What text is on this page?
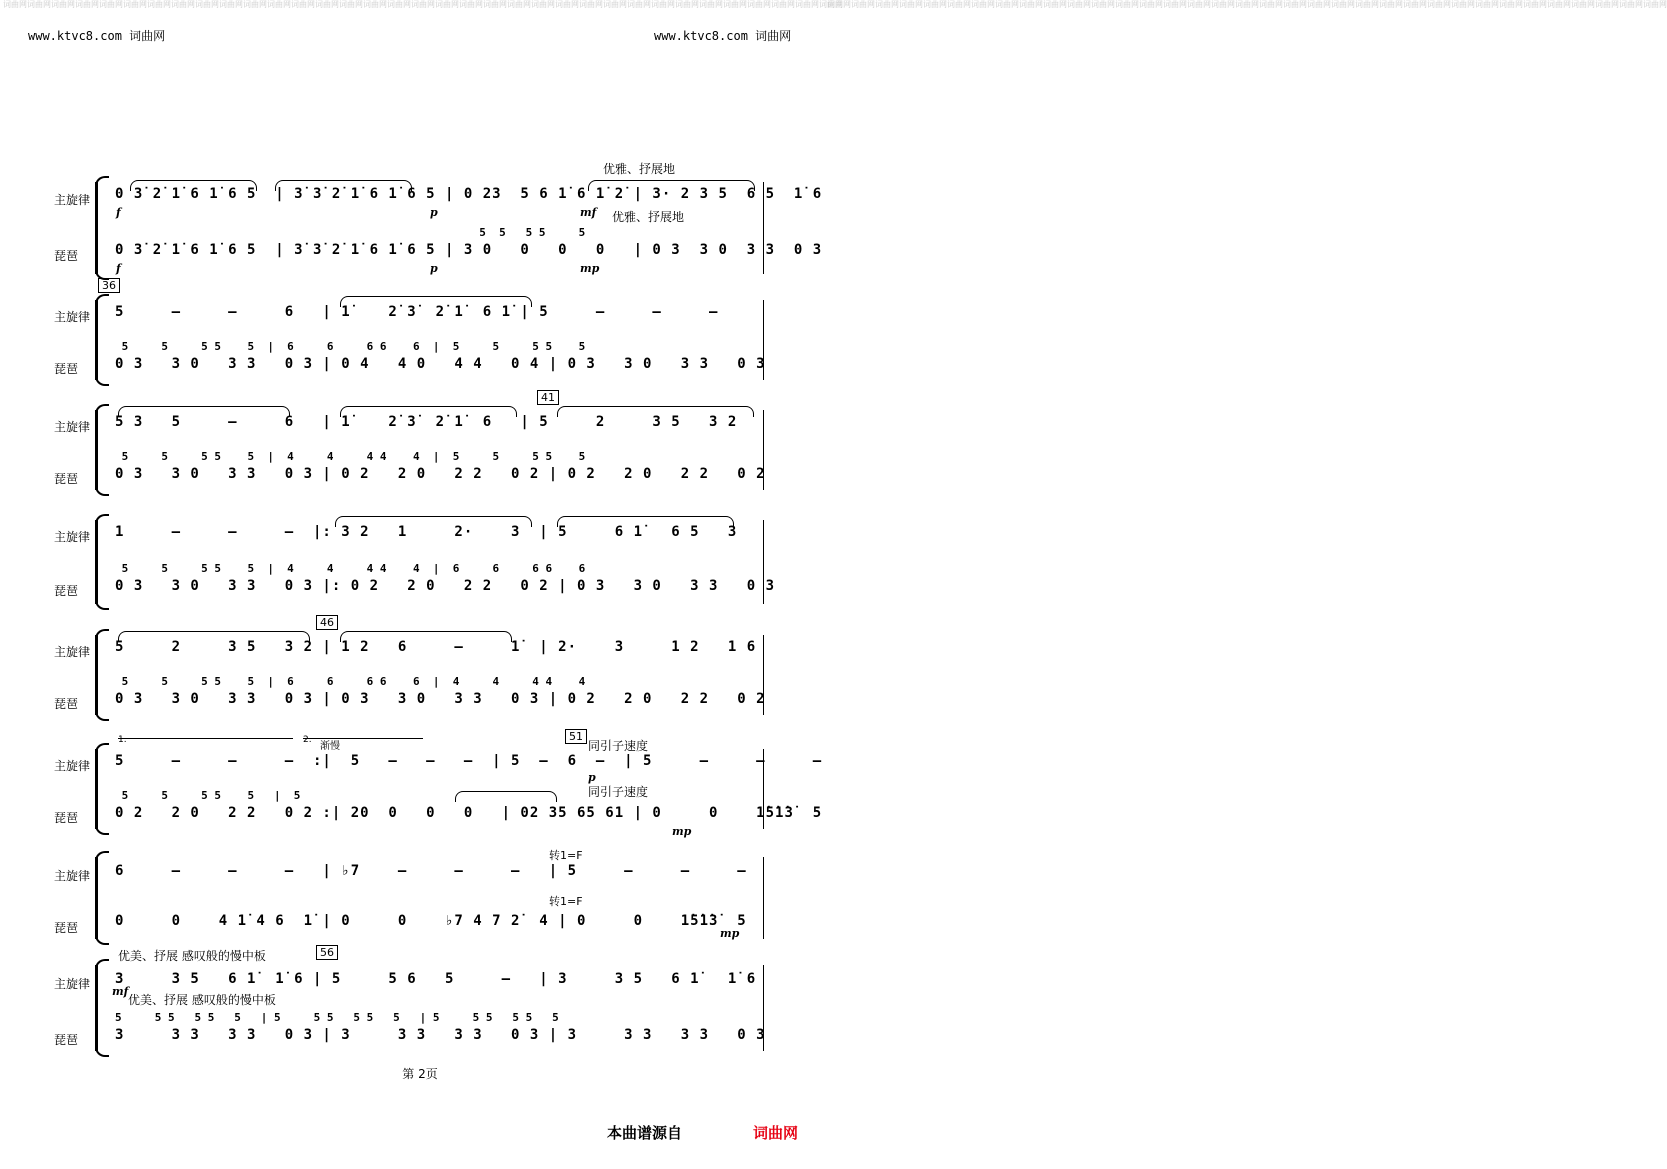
词曲网词曲网词曲网词曲网词曲网词曲网词曲网词曲网词曲网词曲网词曲网词曲网词曲网词曲网词曲网词曲网词曲网词曲网词曲网词曲网词曲网词曲网词曲网词曲网词曲网词曲网词曲网词曲网词曲网词曲网词曲网词曲网词曲网词曲网词曲网
词曲网词曲网词曲网词曲网词曲网词曲网词曲网词曲网词曲网词曲网词曲网词曲网词曲网词曲网词曲网词曲网词曲网词曲网词曲网词曲网词曲网词曲网词曲网词曲网词曲网词曲网词曲网词曲网词曲网词曲网词曲网词曲网词曲网词曲网词曲网
www.ktvc8.com 词曲网	www.ktvc8.com 词曲网
优雅、抒展地
主旋律
琵琶
0 3̇ 2̇ 1̇ 6 1̇ 6 5  | 3̇ 3̇ 2̇ 1̇ 6 1̇ 6 5 | 0 23  5 6 1̇ 6 1̇ 2̇ | 3· 2 3 5  6 5  1̇ 6
优雅、抒展地
5  5   5 5     5
0 3̇ 2̇ 1̇ 6 1̇ 6 5  | 3̇ 3̇ 2̇ 1̇ 6 1̇ 6 5 | 3 0   0   0   0   | 0 3  3 0  3 3  0 3
f	p	mf
f	p	mp
36
主旋律
琵琶
5     –     –     6   | 1̇    2̇ 3̇  2̇ 1̇  6 1̇ | 5     –     –     –
5     5     5 5    5  |  6     6     6 6    6  |  5     5     5 5    5
0 3   3 0   3 3   0 3 | 0 4   4 0   4 4   0 4 | 0 3   3 0   3 3   0 3
41
主旋律
琵琶
5 3   5     –     6   | 1̇    2̇ 3̇  2̇ 1̇  6   | 5     2     3 5   3 2
5     5     5 5    5  |  4     4     4 4    4  |  5     5     5 5    5
0 3   3 0   3 3   0 3 | 0 2   2 0   2 2   0 2 | 0 2   2 0   2 2   0 2
主旋律
琵琶
1     –     –     –  |: 3 2   1     2·    3  | 5     6 1̇   6 5   3
5     5     5 5    5  |  4     4     4 4    4  |  6     6     6 6    6
0 3   3 0   3 3   0 3 |: 0 2   2 0   2 2   0 2 | 0 3   3 0   3 3   0 3
46
主旋律
琵琶
5     2     3 5   3 2 | 1 2   6     –     1̇  | 2·    3     1 2   1 6
5     5     5 5    5  |  6     6     6 6    6  |  4     4     4 4    4
0 3   3 0   3 3   0 3 | 0 3   3 0   3 3   0 3 | 0 2   2 0   2 2   0 2
1.	2.
渐慢
51
同引子速度
主旋律
琵琶
5     –     –     –  :|  5   –   –   –  | 5  –  6  –  | 5     –     –     –
同引子速度
5     5     5 5    5   |  5
0 2   2 0   2 2   0 2 :| 20  0   0   0   | 02 35 65 61 | 0     0    1̇5̇1̇3̇  5
p
mp
转1=F
主旋律
琵琶
6     –     –     –   | ♭7    –     –     –   | 5     –     –     –
转1=F
0     0    4 1̇ 4 6  1̇ | 0     0    ♭7 4 7 2̇  4 | 0     0    1̇5̇1̇3̇  5
mp
优美、抒展 感叹般的慢中板	56
主旋律
琵琶
3     3 5   6 1̇  1̇ 6 | 5     5 6   5     –   | 3     3 5   6 1̇   1̇ 6
mf
优美、抒展 感叹般的慢中板
5     5 5   5 5   5   | 5     5 5   5 5   5   | 5     5 5   5 5   5
3     3 3   3 3   0 3 | 3     3 3   3 3   0 3 | 3     3 3   3 3   0 3
第 2页
本曲谱源自	词曲网
